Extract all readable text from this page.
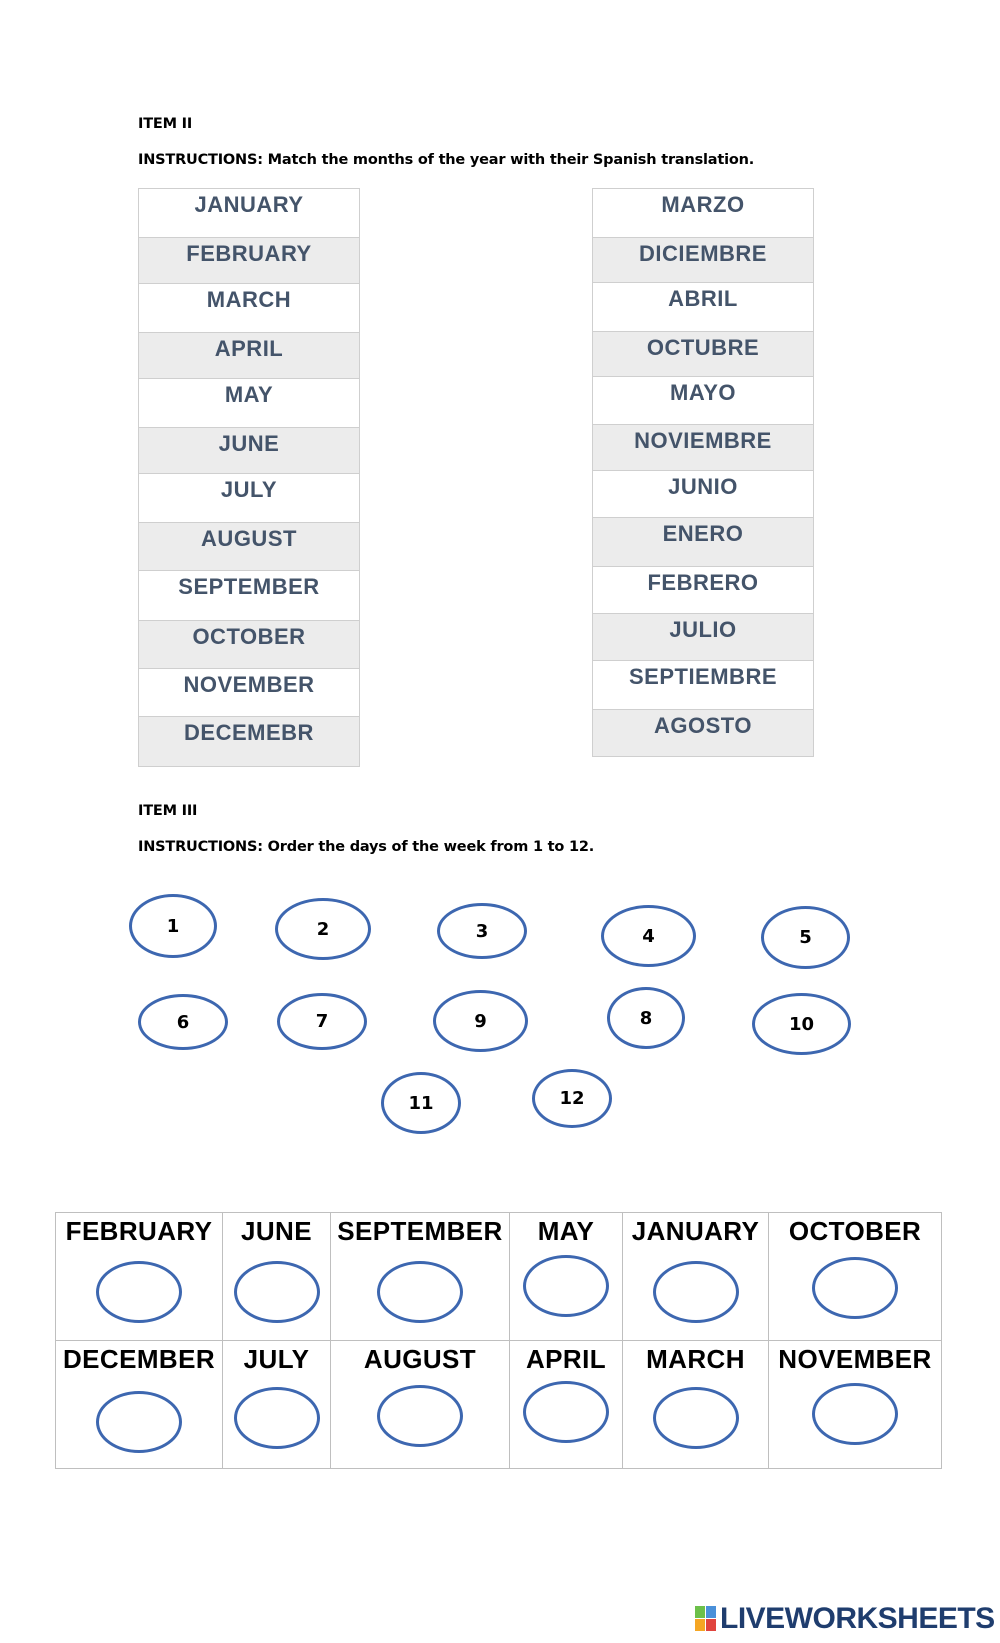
ITEM II
INSTRUCTIONS: Match the months of the year with their Spanish translation.
JANUARY
FEBRUARY
MARCH
APRIL
MAY
JUNE
JULY
AUGUST
SEPTEMBER
OCTOBER
NOVEMBER
DECEMEBR
MARZO
DICIEMBRE
ABRIL
OCTUBRE
MAYO
NOVIEMBRE
JUNIO
ENERO
FEBRERO
JULIO
SEPTIEMBRE
AGOSTO
ITEM III
INSTRUCTIONS: Order the days of the week from 1 to 12.
1	2	3	4	5
6	7	9	8	10
11	12
FEBRUARY	JUNE	SEPTEMBER	MAY	JANUARY	OCTOBER

DECEMBER	JULY	AUGUST	APRIL	MARCH	NOVEMBER
LIVEWORKSHEETS
